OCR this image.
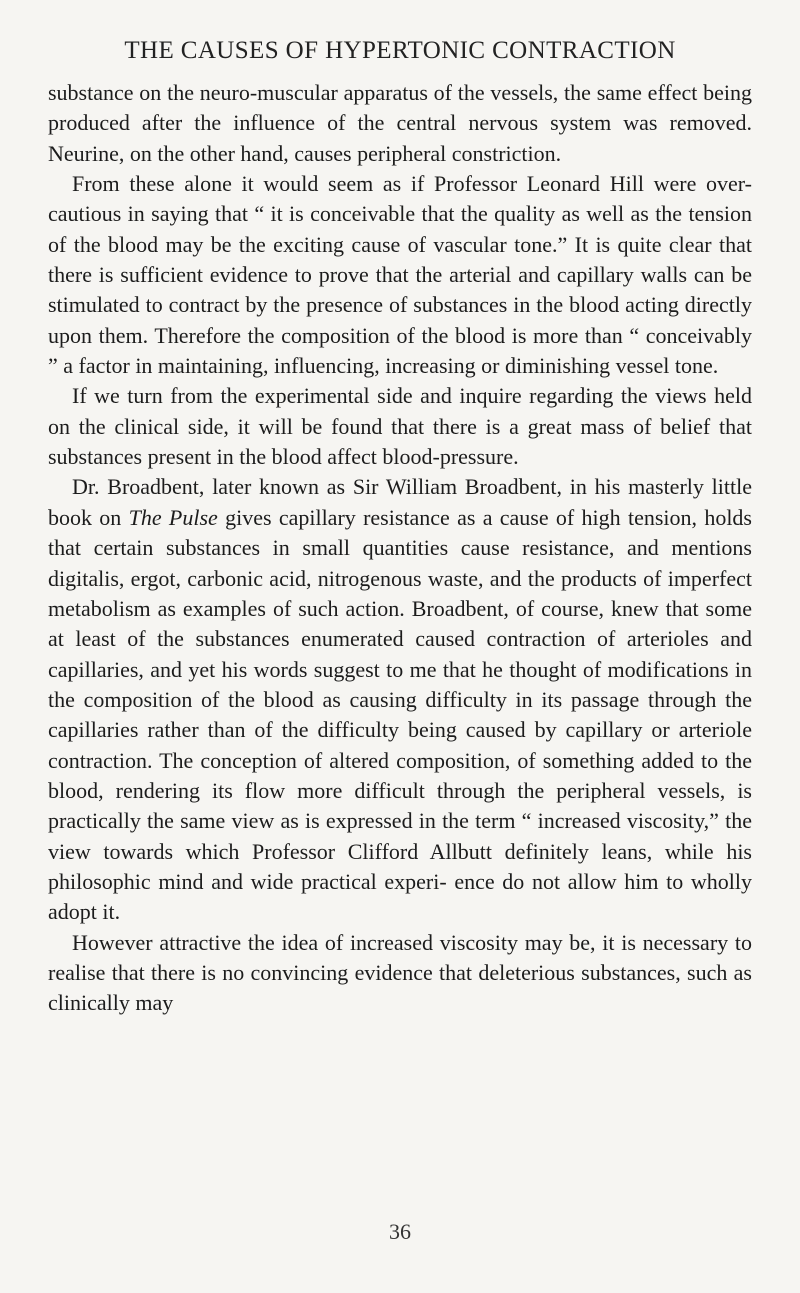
THE CAUSES OF HYPERTONIC CONTRACTION

substance on the neuro-muscular apparatus of the vessels, the same effect being produced after the influence of the central nervous system was removed. Neurine, on the other hand, causes peripheral constriction.

From these alone it would seem as if Professor Leonard Hill were over-cautious in saying that “ it is conceivable that the quality as well as the tension of the blood may be the exciting cause of vascular tone.” It is quite clear that there is sufficient evidence to prove that the arterial and capillary walls can be stimulated to contract by the presence of substances in the blood acting directly upon them. Therefore the composition of the blood is more than “ conceivably ” a factor in maintaining, influencing, increasing or diminishing vessel tone.

If we turn from the experimental side and inquire regarding the views held on the clinical side, it will be found that there is a great mass of belief that substances present in the blood affect blood-pressure.

Dr. Broadbent, later known as Sir William Broadbent, in his masterly little book on The Pulse gives capillary resistance as a cause of high tension, holds that certain substances in small quantities cause resistance, and mentions digitalis, ergot, carbonic acid, nitrogenous waste, and the products of imperfect metabolism as examples of such action. Broadbent, of course, knew that some at least of the substances enumerated caused contraction of arterioles and capillaries, and yet his words suggest to me that he thought of modifications in the composition of the blood as causing difficulty in its passage through the capillaries rather than of the difficulty being caused by capillary or arteriole contraction. The conception of altered composition, of something added to the blood, rendering its flow more difficult through the peripheral vessels, is practically the same view as is expressed in the term “ increased viscosity,” the view towards which Professor Clifford Allbutt definitely leans, while his philosophic mind and wide practical experi- ence do not allow him to wholly adopt it.

However attractive the idea of increased viscosity may be, it is necessary to realise that there is no convincing evidence that deleterious substances, such as clinically may

36
